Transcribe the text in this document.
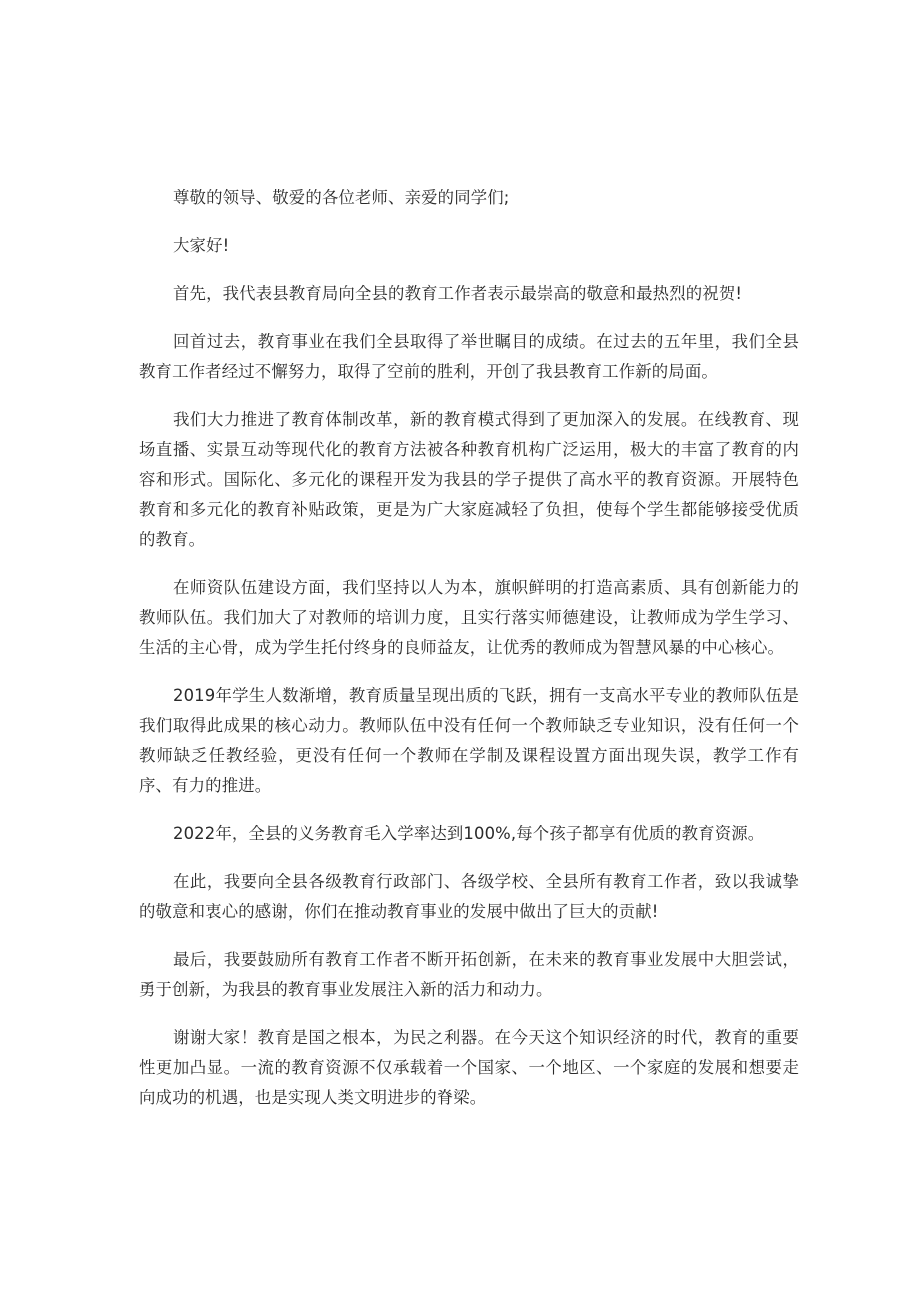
尊敬的领导、敬爱的各位老师、亲爱的同学们;

大家好!

首先，我代表县教育局向全县的教育工作者表示最崇高的敬意和最热烈的祝贺!

回首过去，教育事业在我们全县取得了举世瞩目的成绩。在过去的五年里，我们全县教育工作者经过不懈努力，取得了空前的胜利，开创了我县教育工作新的局面。

我们大力推进了教育体制改革，新的教育模式得到了更加深入的发展。在线教育、现场直播、实景互动等现代化的教育方法被各种教育机构广泛运用，极大的丰富了教育的内容和形式。国际化、多元化的课程开发为我县的学子提供了高水平的教育资源。开展特色教育和多元化的教育补贴政策，更是为广大家庭减轻了负担，使每个学生都能够接受优质的教育。

在师资队伍建设方面，我们坚持以人为本，旗帜鲜明的打造高素质、具有创新能力的教师队伍。我们加大了对教师的培训力度，且实行落实师德建设，让教师成为学生学习、生活的主心骨，成为学生托付终身的良师益友，让优秀的教师成为智慧风暴的中心核心。

2019年学生人数渐增，教育质量呈现出质的飞跃，拥有一支高水平专业的教师队伍是我们取得此成果的核心动力。教师队伍中没有任何一个教师缺乏专业知识，没有任何一个教师缺乏任教经验，更没有任何一个教师在学制及课程设置方面出现失误，教学工作有序、有力的推进。

2022年，全县的义务教育毛入学率达到100%,每个孩子都享有优质的教育资源。

在此，我要向全县各级教育行政部门、各级学校、全县所有教育工作者，致以我诚挚的敬意和衷心的感谢，你们在推动教育事业的发展中做出了巨大的贡献!

最后，我要鼓励所有教育工作者不断开拓创新，在未来的教育事业发展中大胆尝试，勇于创新，为我县的教育事业发展注入新的活力和动力。

谢谢大家！教育是国之根本，为民之利器。在今天这个知识经济的时代，教育的重要性更加凸显。一流的教育资源不仅承载着一个国家、一个地区、一个家庭的发展和想要走向成功的机遇，也是实现人类文明进步的脊梁。
